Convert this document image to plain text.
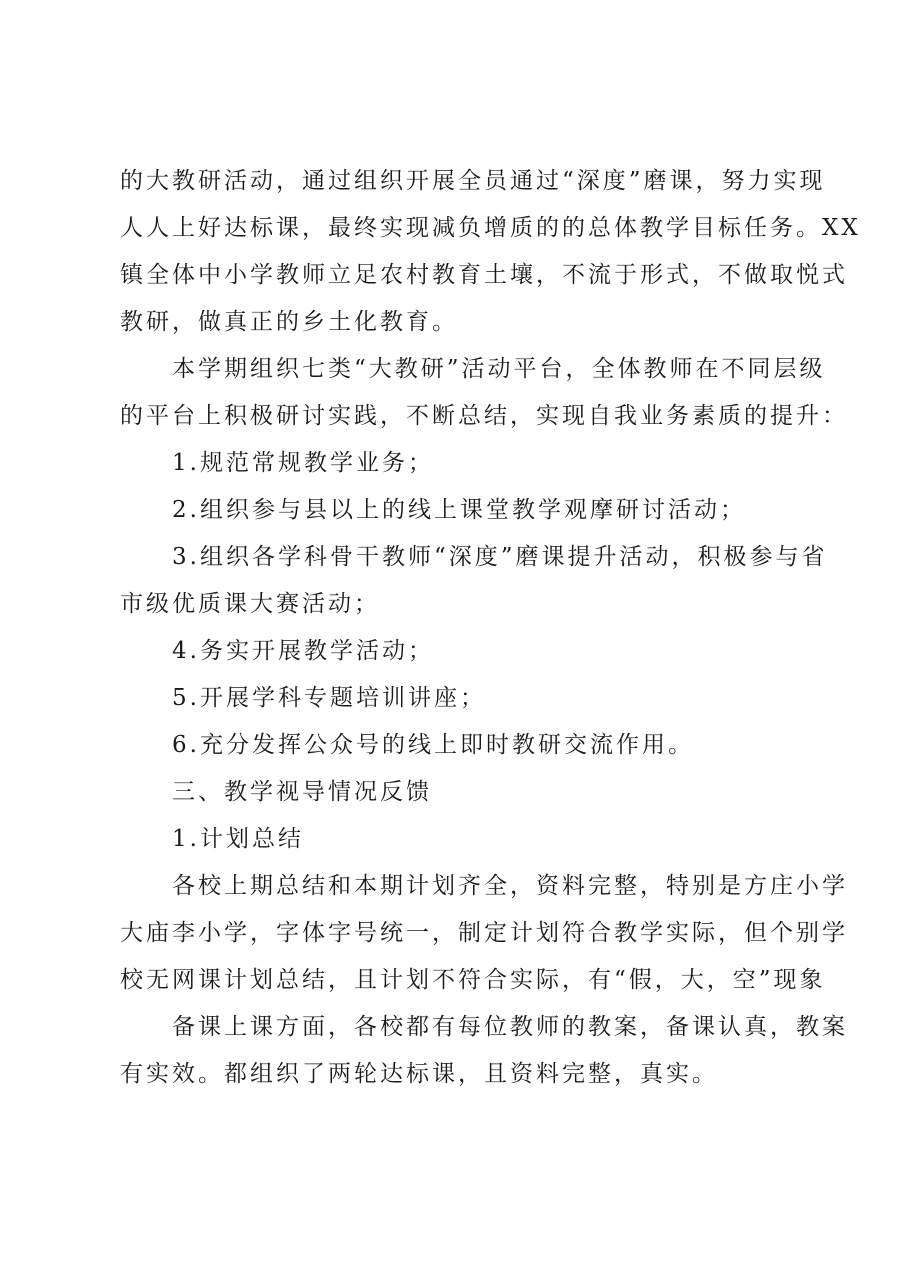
的大教研活动，通过组织开展全员通过“深度”磨课，努力实现
人人上好达标课，最终实现减负增质的的总体教学目标任务。XX
镇全体中小学教师立足农村教育土壤，不流于形式，不做取悦式
教研，做真正的乡土化教育。
本学期组织七类“大教研”活动平台，全体教师在不同层级
的平台上积极研讨实践，不断总结，实现自我业务素质的提升：
1.规范常规教学业务；
2.组织参与县以上的线上课堂教学观摩研讨活动；
3.组织各学科骨干教师“深度”磨课提升活动，积极参与省
市级优质课大赛活动；
4.务实开展教学活动；
5.开展学科专题培训讲座；
6.充分发挥公众号的线上即时教研交流作用。
三、教学视导情况反馈
1.计划总结
各校上期总结和本期计划齐全，资料完整，特别是方庄小学
大庙李小学，字体字号统一，制定计划符合教学实际，但个别学
校无网课计划总结，且计划不符合实际，有“假，大，空”现象
备课上课方面，各校都有每位教师的教案，备课认真，教案
有实效。都组织了两轮达标课，且资料完整，真实。
